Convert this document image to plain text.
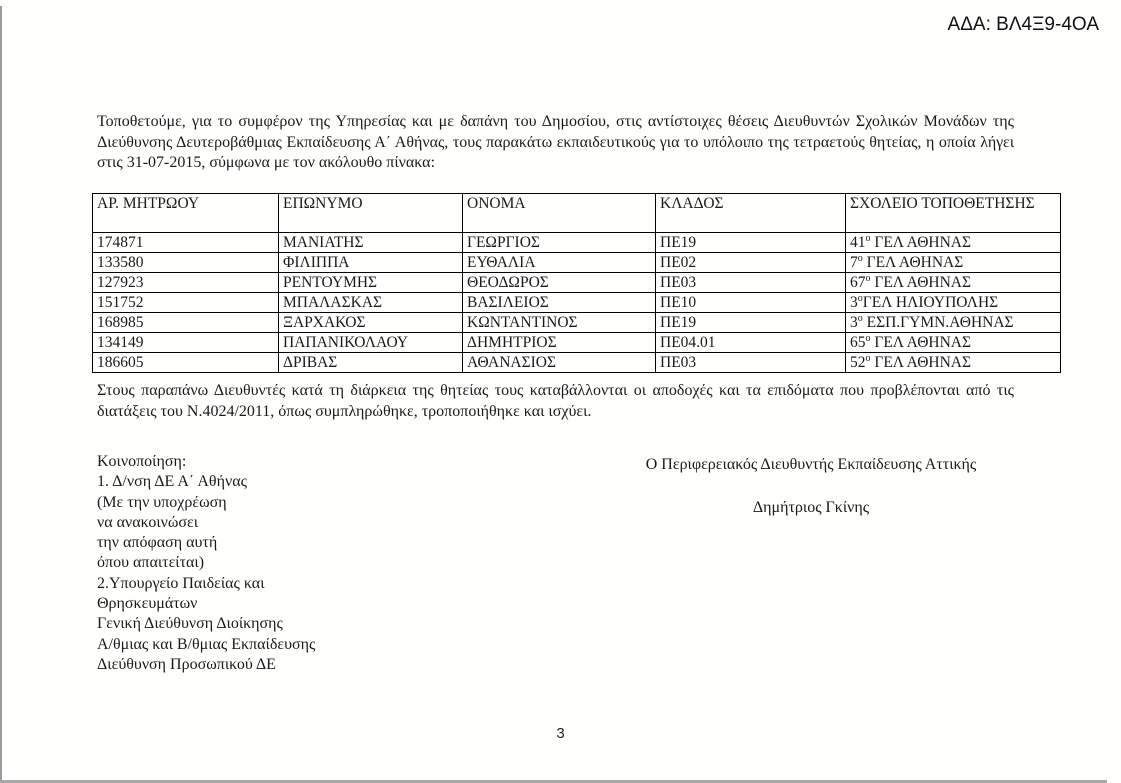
ΑΔΑ: ΒΛ4Ξ9-4ΟΑ

Τοποθετούμε, για το συμφέρον της Υπηρεσίας και με δαπάνη του Δημοσίου, στις αντίστοιχες θέσεις Διευθυντών Σχολικών Μονάδων της Διεύθυνσης Δευτεροβάθμιας Εκπαίδευσης Α΄ Αθήνας, τους παρακάτω εκπαιδευτικούς για το υπόλοιπο της τετραετούς θητείας, η οποία λήγει στις 31-07-2015, σύμφωνα με τον ακόλουθο πίνακα:

ΑΡ. ΜΗΤΡΩΟΥ	ΕΠΩΝΥΜΟ	ΟΝΟΜΑ	ΚΛΑΔΟΣ	ΣΧΟΛΕΙΟ ΤΟΠΟΘΕΤΗΣΗΣ
174871	ΜΑΝΙΑΤΗΣ	ΓΕΩΡΓΙΟΣ	ΠΕ19	$41^o$ ΓΕΛ ΑΘΗΝΑΣ
133580	ΦΙΛΙΠΠΑ	ΕΥΘΑΛΙΑ	ΠΕ02	$7^o$ ΓΕΛ ΑΘΗΝΑΣ
127923	ΡΕΝΤΟΥΜΗΣ	ΘΕΟΔΩΡΟΣ	ΠΕ03	$67^o$ ΓΕΛ ΑΘΗΝΑΣ
151752	ΜΠΑΛΑΣΚΑΣ	ΒΑΣΙΛΕΙΟΣ	ΠΕ10	$3^o\Gamma E\Lambda$ ΗΛΙΟΥΠΟΛΗΣ
168985	ΞΑΡΧΑΚΟΣ	ΚΩΝΤΑΝΤΙΝΟΣ	ΠΕ19	$3^o$ ΕΣΠ.ΓΥΜΝ.ΑΘΗΝΑΣ
134149	ΠΑΠΑΝΙΚΟΛΑΟΥ	ΔΗΜΗΤΡΙΟΣ	ΠΕ04.01	$65^o$ ΓΕΛ ΑΘΗΝΑΣ
186605	ΔΡΙΒΑΣ	ΑΘΑΝΑΣΙΟΣ	ΠΕ03	$52^o$ ΓΕΛ ΑΘΗΝΑΣ

Στους παραπάνω Διευθυντές κατά τη διάρκεια της θητείας τους καταβάλλονται οι αποδοχές και τα επιδόματα που προβλέπονται από τις διατάξεις του Ν.4024/2011, όπως συμπληρώθηκε, τροποποιήθηκε και ισχύει.

Κοινοποίηση:
1. Δ/νση ΔΕ Α΄ Αθήνας
(Με την υποχρέωση
να ανακοινώσει
την απόφαση αυτή
όπου απαιτείται)
2.Υπουργείο Παιδείας και
Θρησκευμάτων
Γενική Διεύθυνση Διοίκησης
Α/θμιας και Β/θμιας Εκπαίδευσης
Διεύθυνση Προσωπικού ΔΕ
Ο Περιφερειακός Διευθυντής Εκπαίδευσης Αττικής
Δημήτριος Γκίνης
3
